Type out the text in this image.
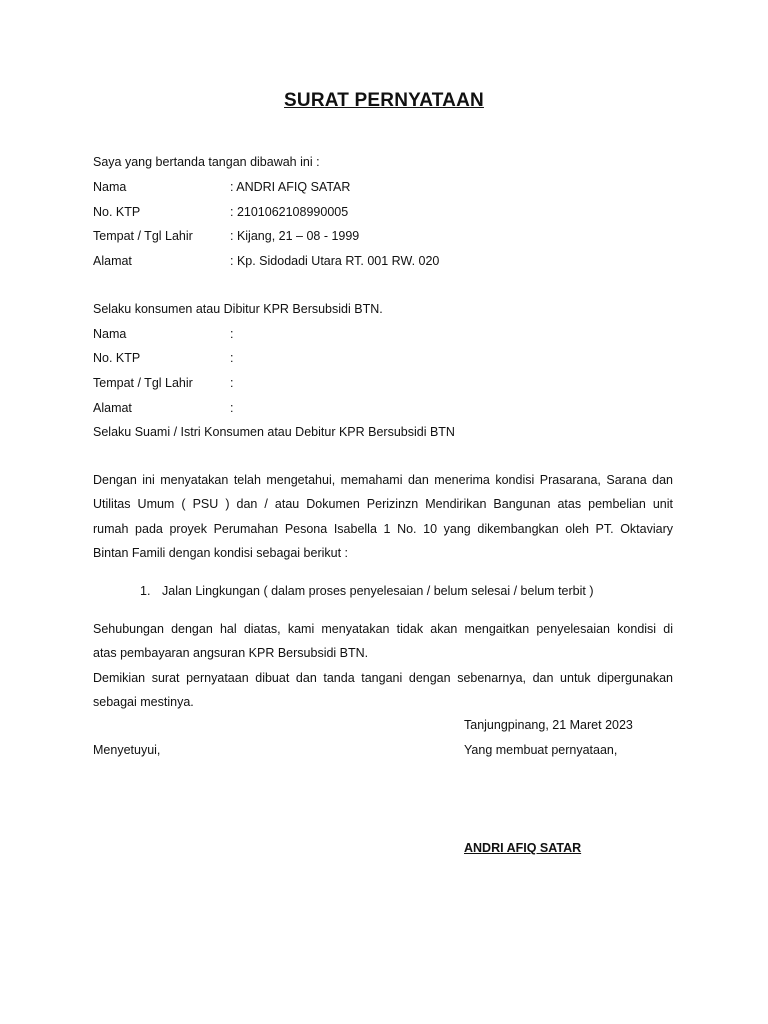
SURAT PERNYATAAN
Saya yang bertanda tangan dibawah ini :
Nama	: ANDRI AFIQ SATAR
No. KTP	: 2101062108990005
Tempat / Tgl Lahir	: Kijang, 21 – 08 - 1999
Alamat	: Kp. Sidodadi Utara RT. 001 RW. 020
Selaku konsumen atau Dibitur KPR Bersubsidi BTN.
Nama	:
No. KTP	:
Tempat / Tgl Lahir	:
Alamat	:
Selaku Suami / Istri Konsumen atau Debitur KPR Bersubsidi BTN
Dengan ini menyatakan telah mengetahui, memahami dan menerima kondisi Prasarana, Sarana dan
Utilitas Umum ( PSU ) dan / atau Dokumen Perizinzn Mendirikan Bangunan atas pembelian unit
rumah pada proyek Perumahan Pesona Isabella 1 No. 10 yang dikembangkan oleh PT. Oktaviary
Bintan Famili dengan kondisi sebagai berikut :
1. Jalan Lingkungan ( dalam proses penyelesaian / belum selesai / belum terbit )
Sehubungan dengan hal diatas, kami menyatakan tidak akan mengaitkan penyelesaian kondisi di
atas pembayaran angsuran KPR Bersubsidi BTN.
Demikian surat pernyataan dibuat dan tanda tangani dengan sebenarnya, dan untuk dipergunakan
sebagai mestinya.
Tanjungpinang, 21 Maret 2023
Menyetuyui,	Yang membuat pernyataan,
ANDRI AFIQ SATAR
